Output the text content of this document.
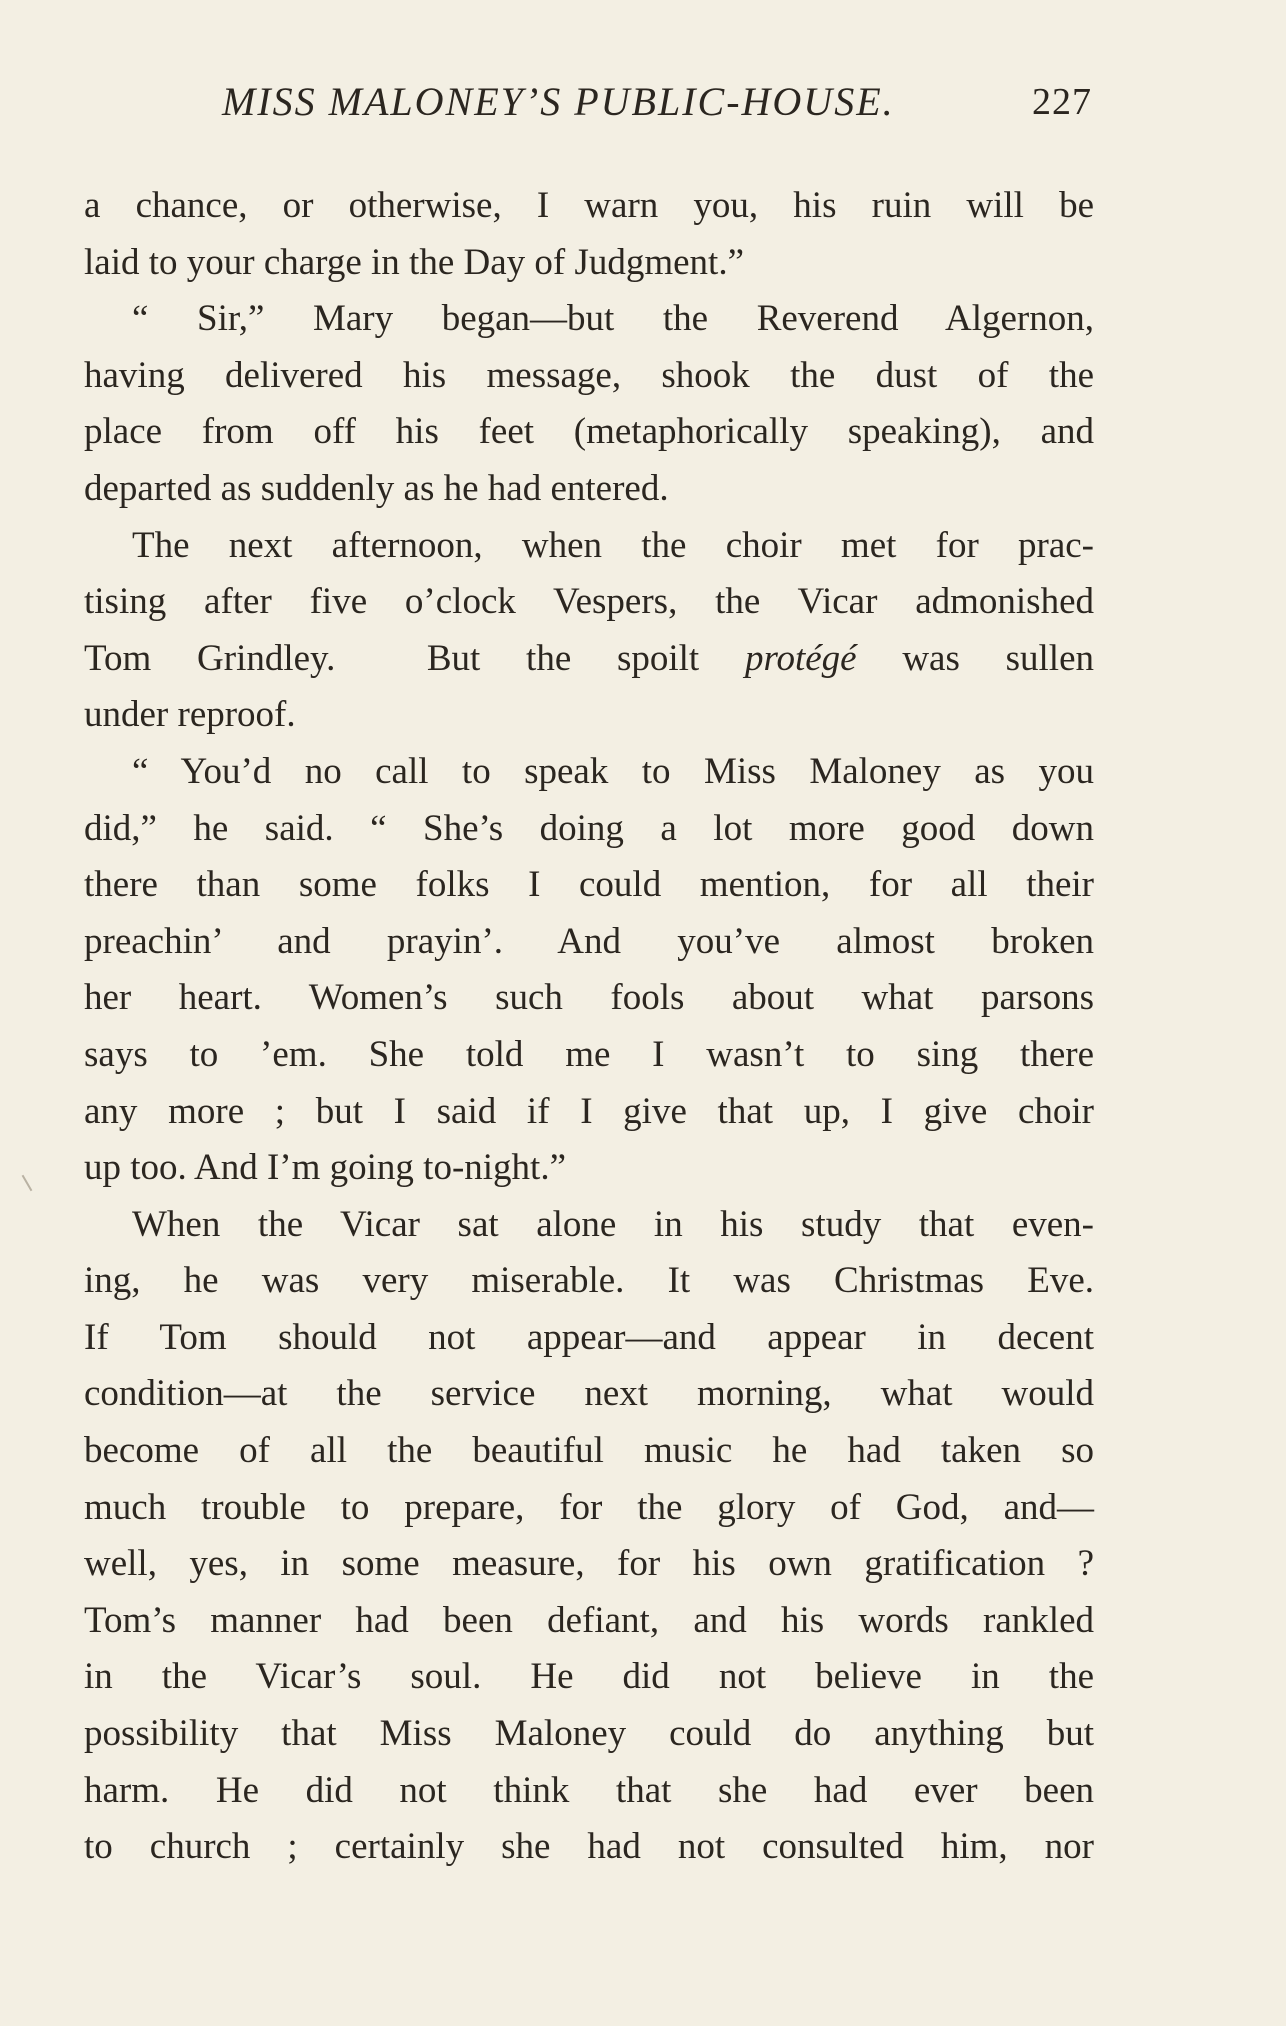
MISS MALONEY’S PUBLIC-HOUSE.	227
a chance, or otherwise, I warn you, his ruin will be
laid to your charge in the Day of Judgment.”
“ Sir,” Mary began—but the Reverend Algernon,
having delivered his message, shook the dust of the
place from off his feet (metaphorically speaking), and
departed as suddenly as he had entered.
The next afternoon, when the choir met for prac-
tising after five o’clock Vespers, the Vicar admonished
Tom Grindley.  But the spoilt protégé was sullen
under reproof.
“ You’d no call to speak to Miss Maloney as you
did,” he said. “ She’s doing a lot more good down
there than some folks I could mention, for all their
preachin’ and prayin’. And you’ve almost broken
her heart. Women’s such fools about what parsons
says to ’em. She told me I wasn’t to sing there
any more ; but I said if I give that up, I give choir
up too. And I’m going to-night.”
When the Vicar sat alone in his study that even-
ing, he was very miserable. It was Christmas Eve.
If Tom should not appear—and appear in decent
condition—at the service next morning, what would
become of all the beautiful music he had taken so
much trouble to prepare, for the glory of God, and—
well, yes, in some measure, for his own gratification ?
Tom’s manner had been defiant, and his words rankled
in the Vicar’s soul. He did not believe in the
possibility that Miss Maloney could do anything but
harm. He did not think that she had ever been
to church ; certainly she had not consulted him, nor
